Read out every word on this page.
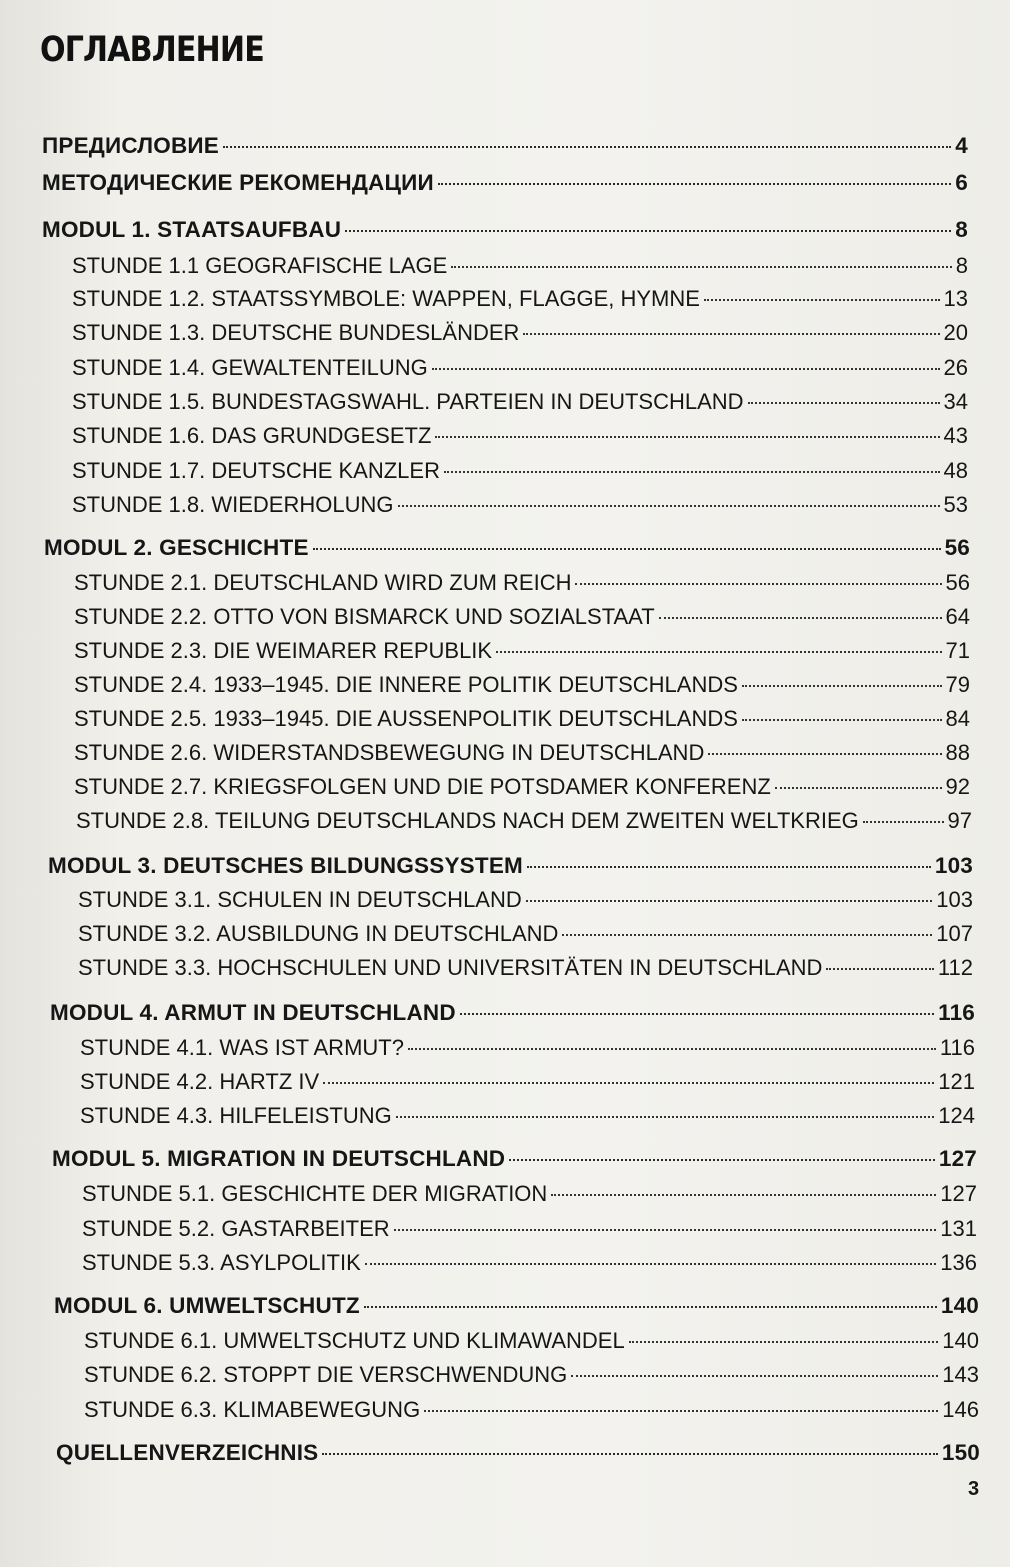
ОГЛАВЛЕНИЕ
ПРЕДИСЛОВИЕ	4
МЕТОДИЧЕСКИЕ РЕКОМЕНДАЦИИ	6
MODUL 1. STAATSAUFBAU	8
STUNDE 1.1 GEOGRAFISCHE LAGE	8
STUNDE 1.2. STAATSSYMBOLE: WAPPEN, FLAGGE, HYMNE	13
STUNDE 1.3. DEUTSCHE BUNDESLÄNDER	20
STUNDE 1.4. GEWALTENTEILUNG	26
STUNDE 1.5. BUNDESTAGSWAHL. PARTEIEN IN DEUTSCHLAND	34
STUNDE 1.6. DAS GRUNDGESETZ	43
STUNDE 1.7. DEUTSCHE KANZLER	48
STUNDE 1.8. WIEDERHOLUNG	53
MODUL 2. GESCHICHTE	56
STUNDE 2.1. DEUTSCHLAND WIRD ZUM REICH	56
STUNDE 2.2. OTTO VON BISMARCK UND SOZIALSTAAT	64
STUNDE 2.3. DIE WEIMARER REPUBLIK	71
STUNDE 2.4. 1933–1945. DIE INNERE POLITIK DEUTSCHLANDS	79
STUNDE 2.5. 1933–1945. DIE AUSSENPOLITIK DEUTSCHLANDS	84
STUNDE 2.6. WIDERSTANDSBEWEGUNG IN DEUTSCHLAND	88
STUNDE 2.7. KRIEGSFOLGEN UND DIE POTSDAMER KONFERENZ	92
STUNDE 2.8. TEILUNG DEUTSCHLANDS NACH DEM ZWEITEN WELTKRIEG	97
MODUL 3. DEUTSCHES BILDUNGSSYSTEM	103
STUNDE 3.1. SCHULEN IN DEUTSCHLAND	103
STUNDE 3.2. AUSBILDUNG IN DEUTSCHLAND	107
STUNDE 3.3. HOCHSCHULEN UND UNIVERSITÄTEN IN DEUTSCHLAND	112
MODUL 4. ARMUT IN DEUTSCHLAND	116
STUNDE 4.1. WAS IST ARMUT?	116
STUNDE 4.2. HARTZ IV	121
STUNDE 4.3. HILFELEISTUNG	124
MODUL 5. MIGRATION IN DEUTSCHLAND	127
STUNDE 5.1. GESCHICHTE DER MIGRATION	127
STUNDE 5.2. GASTARBEITER	131
STUNDE 5.3. ASYLPOLITIK	136
MODUL 6. UMWELTSCHUTZ	140
STUNDE 6.1. UMWELTSCHUTZ UND KLIMAWANDEL	140
STUNDE 6.2. STOPPT DIE VERSCHWENDUNG	143
STUNDE 6.3. KLIMABEWEGUNG	146
QUELLENVERZEICHNIS	150
3
